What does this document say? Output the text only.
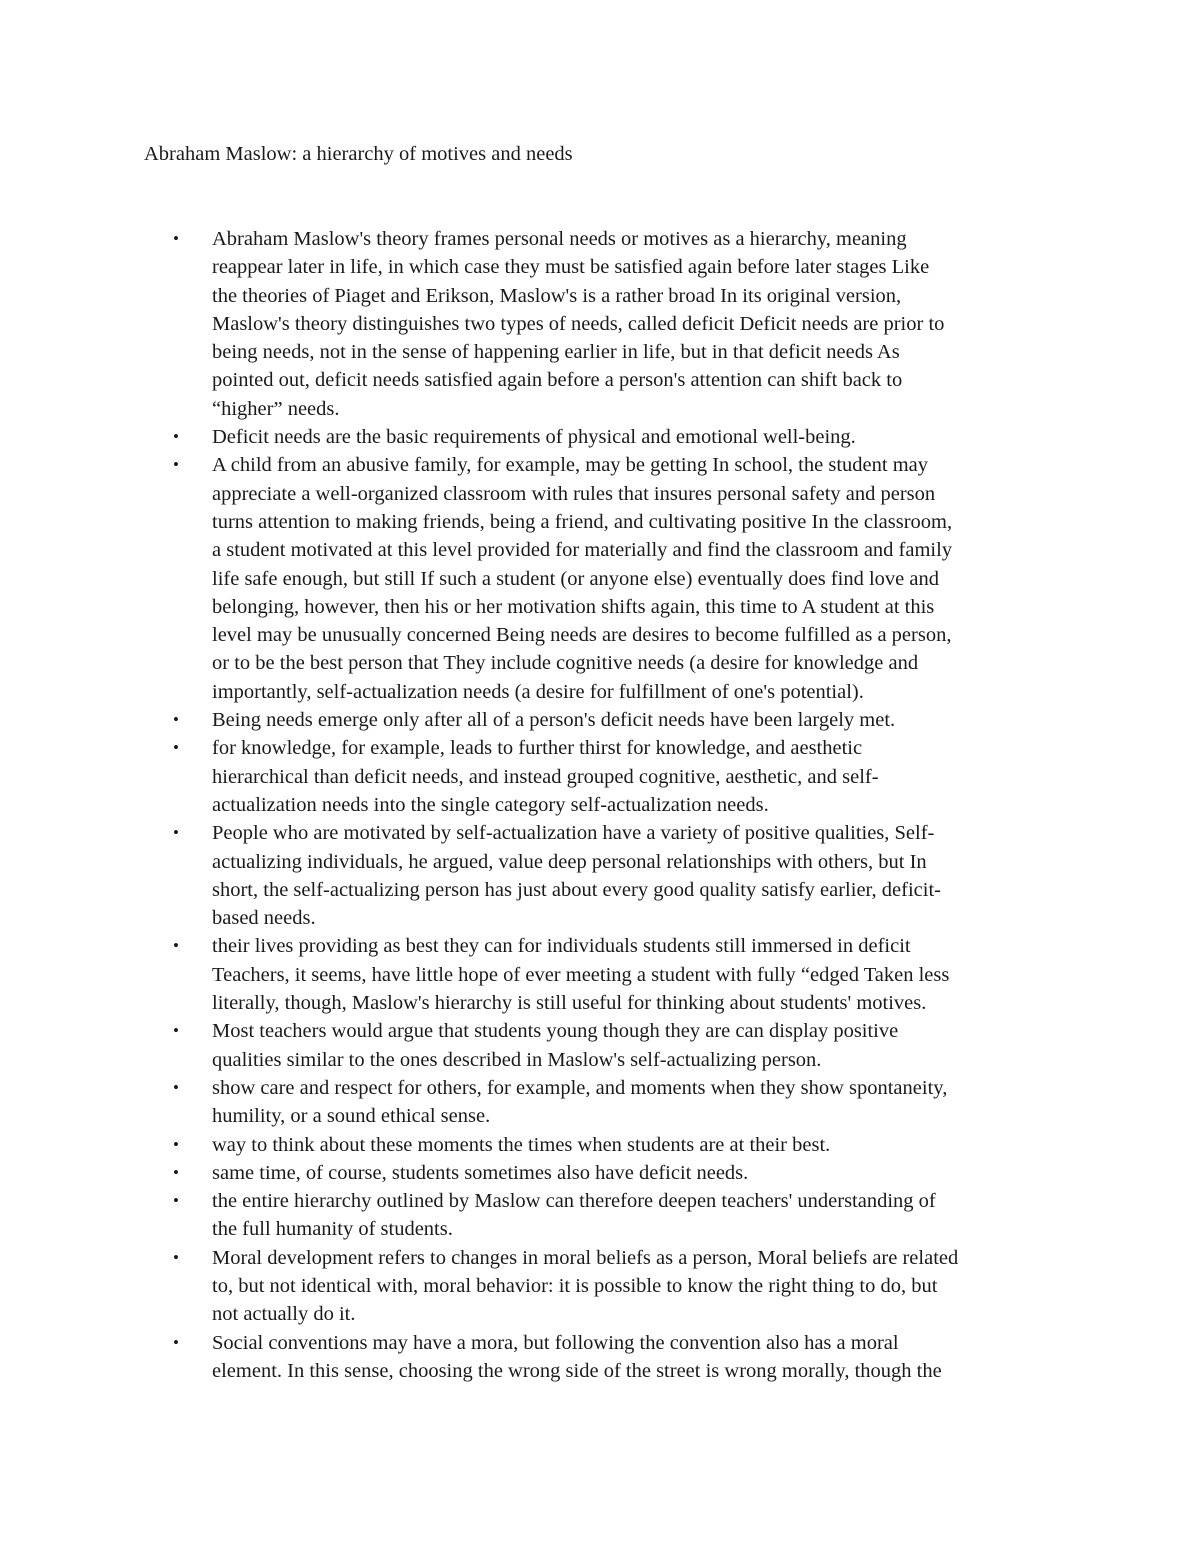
Abraham Maslow: a hierarchy of motives and needs
• Abraham Maslow's theory frames personal needs or motives as a hierarchy, meaning
reappear later in life, in which case they must be satisfied again before later stages Like
the theories of Piaget and Erikson, Maslow's is a rather broad In its original version,
Maslow's theory distinguishes two types of needs, called deficit Deficit needs are prior to
being needs, not in the sense of happening earlier in life, but in that deficit needs As
pointed out, deficit needs satisfied again before a person's attention can shift back to
“higher” needs.
• Deficit needs are the basic requirements of physical and emotional well-being.
• A child from an abusive family, for example, may be getting In school, the student may
appreciate a well-organized classroom with rules that insures personal safety and person
turns attention to making friends, being a friend, and cultivating positive In the classroom,
a student motivated at this level provided for materially and find the classroom and family
life safe enough, but still If such a student (or anyone else) eventually does find love and
belonging, however, then his or her motivation shifts again, this time to A student at this
level may be unusually concerned Being needs are desires to become fulfilled as a person,
or to be the best person that They include cognitive needs (a desire for knowledge and
importantly, self-actualization needs (a desire for fulfillment of one's potential).
• Being needs emerge only after all of a person's deficit needs have been largely met.
• for knowledge, for example, leads to further thirst for knowledge, and aesthetic
hierarchical than deficit needs, and instead grouped cognitive, aesthetic, and self-
actualization needs into the single category self-actualization needs.
• People who are motivated by self-actualization have a variety of positive qualities, Self-
actualizing individuals, he argued, value deep personal relationships with others, but In
short, the self-actualizing person has just about every good quality satisfy earlier, deficit-
based needs.
• their lives providing as best they can for individuals students still immersed in deficit
Teachers, it seems, have little hope of ever meeting a student with fully “edged Taken less
literally, though, Maslow's hierarchy is still useful for thinking about students' motives.
• Most teachers would argue that students young though they are can display positive
qualities similar to the ones described in Maslow's self-actualizing person.
• show care and respect for others, for example, and moments when they show spontaneity,
humility, or a sound ethical sense.
• way to think about these moments the times when students are at their best.
• same time, of course, students sometimes also have deficit needs.
• the entire hierarchy outlined by Maslow can therefore deepen teachers' understanding of
the full humanity of students.
• Moral development refers to changes in moral beliefs as a person, Moral beliefs are related
to, but not identical with, moral behavior: it is possible to know the right thing to do, but
not actually do it.
• Social conventions may have a mora, but following the convention also has a moral
element. In this sense, choosing the wrong side of the street is wrong morally, though the
